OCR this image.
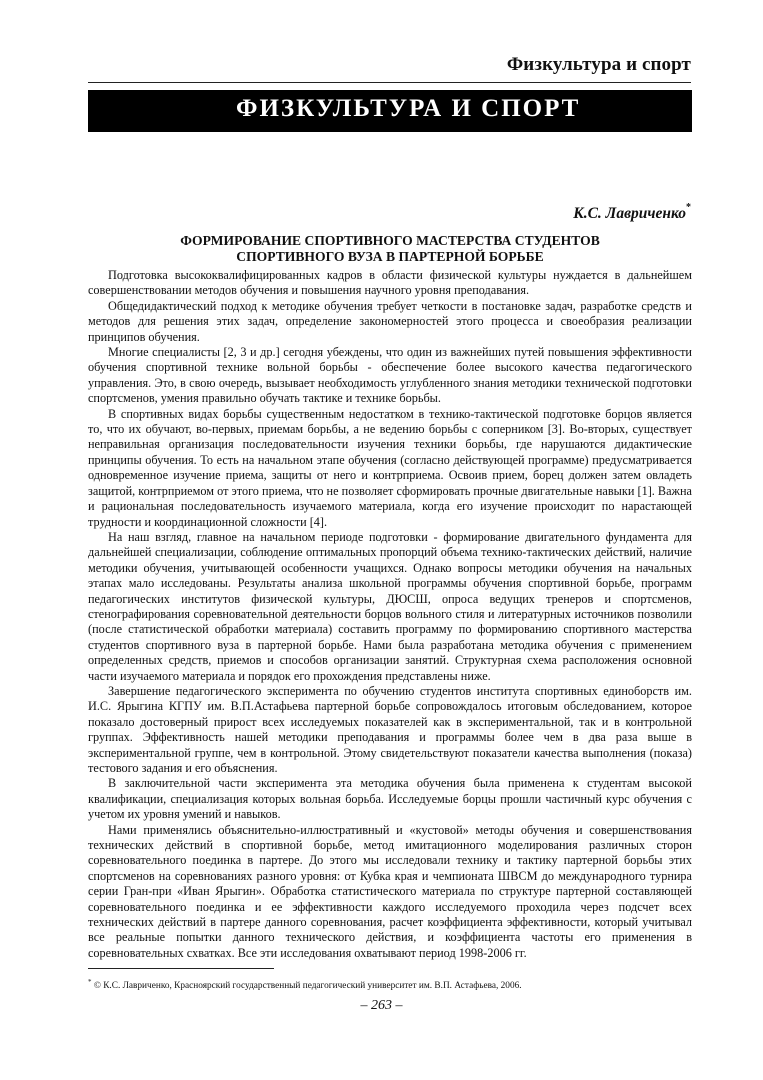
Физкультура и спорт
ФИЗКУЛЬТУРА И СПОРТ
К.С. Лавриченко*
ФОРМИРОВАНИЕ СПОРТИВНОГО МАСТЕРСТВА СТУДЕНТОВ
СПОРТИВНОГО ВУЗА В ПАРТЕРНОЙ БОРЬБЕ

Подготовка высококвалифицированных кадров в области физической культуры нуждается в дальнейшем совершенствовании методов обучения и повышения научного уровня преподавания.

Общедидактический подход к методике обучения требует четкости в постановке задач, разработке средств и методов для решения этих задач, определение закономерностей этого процесса и своеобразия реализации принципов обучения.

Многие специалисты [2, 3 и др.] сегодня убеждены, что один из важнейших путей повышения эффективности обучения спортивной технике вольной борьбы - обеспечение более высокого качества педагогического управления. Это, в свою очередь, вызывает необходимость углубленного знания методики технической подготовки спортсменов, умения правильно обучать тактике и технике борьбы.

В спортивных видах борьбы существенным недостатком в технико-тактической подготовке борцов является то, что их обучают, во-первых, приемам борьбы, а не ведению борьбы с соперником [3]. Во-вторых, существует неправильная организация последовательности изучения техники борьбы, где нарушаются дидактические принципы обучения. То есть на начальном этапе обучения (согласно действующей программе) предусматривается одновременное изучение приема, защиты от него и контрприема. Освоив прием, борец должен затем овладеть защитой, контрприемом от этого приема, что не позволяет сформировать прочные двигательные навыки [1]. Важна и рациональная последовательность изучаемого материала, когда его изучение происходит по нарастающей трудности и координационной сложности [4].

На наш взгляд, главное на начальном периоде подготовки - формирование двигательного фундамента для дальнейшей специализации, соблюдение оптимальных пропорций объема технико-тактических действий, наличие методики обучения, учитывающей особенности учащихся. Однако вопросы методики обучения на начальных этапах мало исследованы. Результаты анализа школьной программы обучения спортивной борьбе, программ педагогических институтов физической культуры, ДЮСШ, опроса ведущих тренеров и спортсменов, стенографирования соревновательной деятельности борцов вольного стиля и литературных источников позволили (после статистической обработки материала) составить программу по формированию спортивного мастерства студентов спортивного вуза в партерной борьбе. Нами была разработана методика обучения с применением определенных средств, приемов и способов организации занятий. Структурная схема расположения основной части изучаемого материала и порядок его прохождения представлены ниже.

Завершение педагогического эксперимента по обучению студентов института спортивных единоборств им. И.С. Ярыгина КГПУ им. В.П.Астафьева партерной борьбе сопровождалось итоговым обследованием, которое показало достоверный прирост всех исследуемых показателей как в экспериментальной, так и в контрольной группах. Эффективность нашей методики преподавания и программы более чем в два раза выше в экспериментальной группе, чем в контрольной. Этому свидетельствуют показатели качества выполнения (показа) тестового задания и его объяснения.

В заключительной части эксперимента эта методика обучения была применена к студентам высокой квалификации, специализация которых вольная борьба. Исследуемые борцы прошли частичный курс обучения с учетом их уровня умений и навыков.

Нами применялись объяснительно-иллюстративный и «кустовой» методы обучения и совершенствования технических действий в спортивной борьбе, метод имитационного моделирования различных сторон соревновательного поединка в партере. До этого мы исследовали технику и тактику партерной борьбы этих спортсменов на соревнованиях разного уровня: от Кубка края и чемпионата ШВСМ до международного турнира серии Гран-при «Иван Ярыгин». Обработка статистического материала по структуре партерной составляющей соревновательного поединка и ее эффективности каждого исследуемого проходила через подсчет всех технических действий в партере данного соревнования, расчет коэффициента эффективности, который учитывал все реальные попытки данного технического действия, и коэффициента частоты его применения в соревновательных схватках. Все эти исследования охватывают период 1998-2006 гг.

* © К.С. Лавриченко, Красноярский государственный педагогический университет им. В.П. Астафьева, 2006.
– 263 –
